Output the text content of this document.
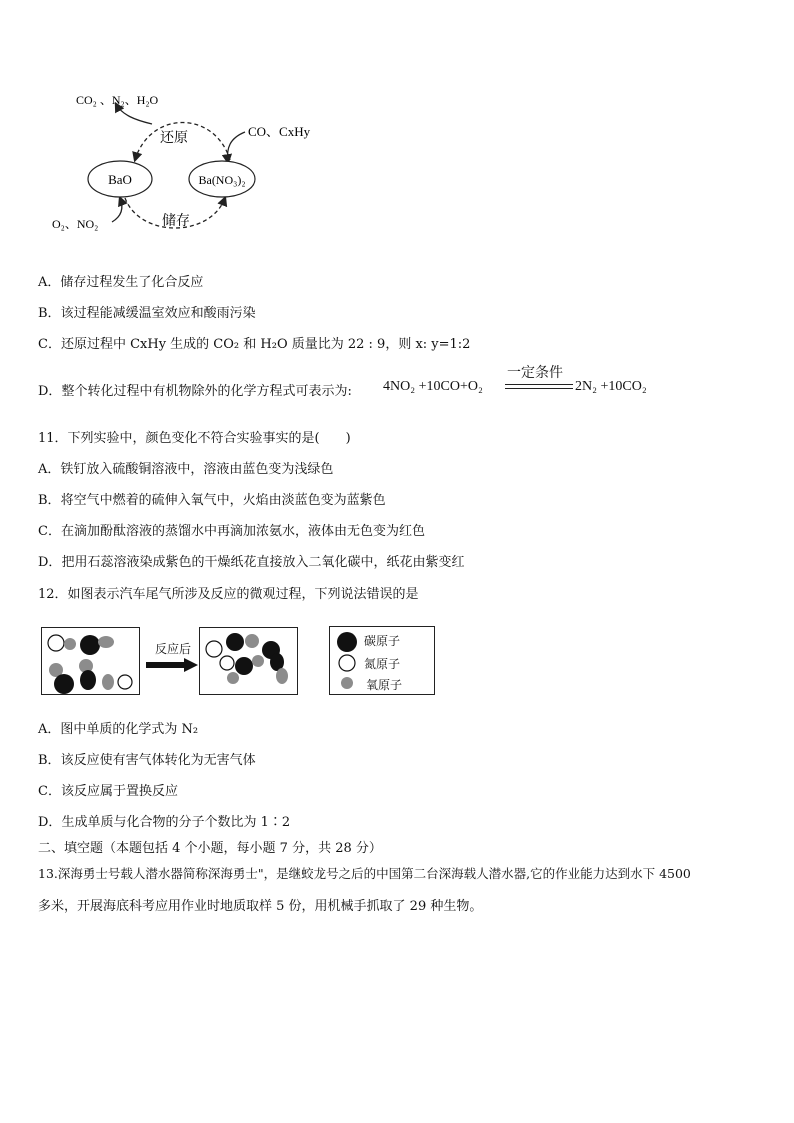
BaO	Ba(NO₃)₂
CO₂ 、N₂、H₂O
CO、CxHy
O₂、NO₂
还原
储存
A．储存过程发生了化合反应
B．该过程能减缓温室效应和酸雨污染
C．还原过程中 CxHy 生成的 CO₂ 和 H₂O 质量比为 22 : 9，则 x: y=1:2
D．整个转化过程中有机物除外的化学方程式可表示为: 4NO₂ +10CO+O₂
一定条件
2N₂ +10CO₂
11．下列实验中，颜色变化不符合实验事实的是(　　)
A．铁钉放入硫酸铜溶液中，溶液由蓝色变为浅绿色
B．将空气中燃着的硫伸入氧气中，火焰由淡蓝色变为蓝紫色
C．在滴加酚酞溶液的蒸馏水中再滴加浓氨水，液体由无色变为红色
D．把用石蕊溶液染成紫色的干燥纸花直接放入二氧化碳中，纸花由紫变红
12．如图表示汽车尾气所涉及反应的微观过程，下列说法错误的是
反应后
碳原子
氮原子
氧原子
A．图中单质的化学式为 N₂
B．该反应使有害气体转化为无害气体
C．该反应属于置换反应
D．生成单质与化合物的分子个数比为 1∶2
二、填空题（本题包括 4 个小题，每小题 7 分，共 28 分）
13.深海勇士号载人潜水器简称深海勇士"，是继蛟龙号之后的中国第二台深海载人潜水器,它的作业能力达到水下 4500
多米，开展海底科考应用作业时地质取样 5 份，用机械手抓取了 29 种生物。
